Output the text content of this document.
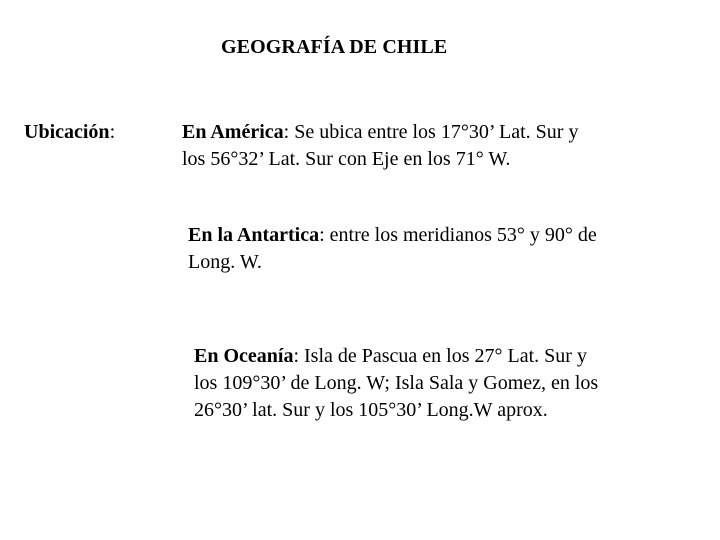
GEOGRAFÍA DE CHILE
Ubicación:	En América: Se ubica entre los 17°30’ Lat. Sur y
los 56°32’ Lat. Sur con Eje en los 71° W.
En la Antartica: entre los meridianos 53° y 90° de
Long. W.
En Oceanía: Isla de Pascua en los 27° Lat. Sur y
los 109°30’ de Long. W; Isla Sala y Gomez, en los
26°30’ lat. Sur y los 105°30’ Long.W aprox.
